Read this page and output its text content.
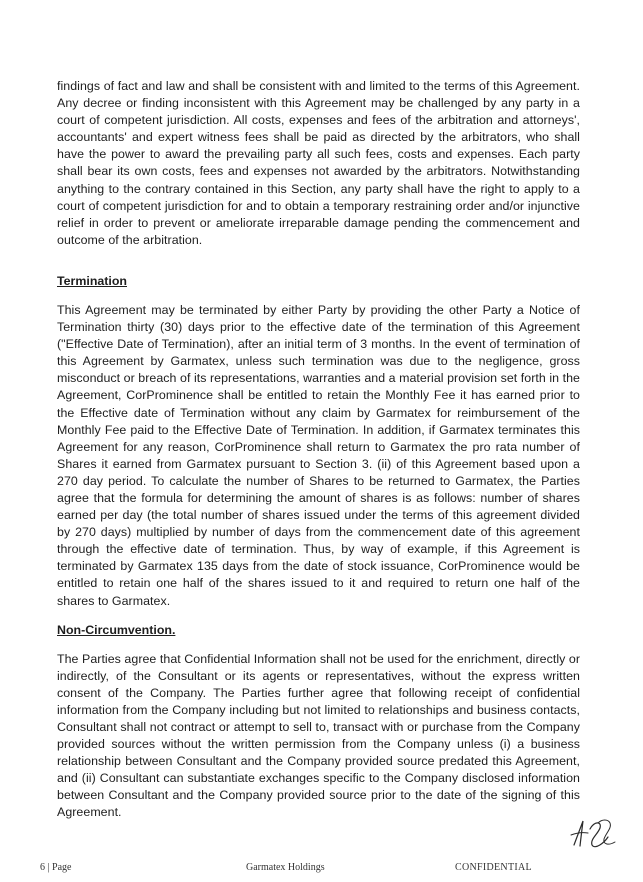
findings of fact and law and shall be consistent with and limited to the terms of this Agreement. Any decree or finding inconsistent with this Agreement may be challenged by any party in a court of competent jurisdiction. All costs, expenses and fees of the arbitration and attorneys', accountants' and expert witness fees shall be paid as directed by the arbitrators, who shall have the power to award the prevailing party all such fees, costs and expenses. Each party shall bear its own costs, fees and expenses not awarded by the arbitrators. Notwithstanding anything to the contrary contained in this Section, any party shall have the right to apply to a court of competent jurisdiction for and to obtain a temporary restraining order and/or injunctive relief in order to prevent or ameliorate irreparable damage pending the commencement and outcome of the arbitration.

Termination

This Agreement may be terminated by either Party by providing the other Party a Notice of Termination thirty (30) days prior to the effective date of the termination of this Agreement ("Effective Date of Termination), after an initial term of 3 months. In the event of termination of this Agreement by Garmatex, unless such termination was due to the negligence, gross misconduct or breach of its representations, warranties and a material provision set forth in the Agreement, CorProminence shall be entitled to retain the Monthly Fee it has earned prior to the Effective date of Termination without any claim by Garmatex for reimbursement of the Monthly Fee paid to the Effective Date of Termination. In addition, if Garmatex terminates this Agreement for any reason, CorProminence shall return to Garmatex the pro rata number of Shares it earned from Garmatex pursuant to Section 3. (ii) of this Agreement based upon a 270 day period. To calculate the number of Shares to be returned to Garmatex, the Parties agree that the formula for determining the amount of shares is as follows: number of shares earned per day (the total number of shares issued under the terms of this agreement divided by 270 days) multiplied by number of days from the commencement date of this agreement through the effective date of termination. Thus, by way of example, if this Agreement is terminated by Garmatex 135 days from the date of stock issuance, CorProminence would be entitled to retain one half of the shares issued to it and required to return one half of the shares to Garmatex.

Non-Circumvention.

The Parties agree that Confidential Information shall not be used for the enrichment, directly or indirectly, of the Consultant or its agents or representatives, without the express written consent of the Company. The Parties further agree that following receipt of confidential information from the Company including but not limited to relationships and business contacts, Consultant shall not contract or attempt to sell to, transact with or purchase from the Company provided sources without the written permission from the Company unless (i) a business relationship between Consultant and the Company provided source predated this Agreement, and (ii) Consultant can substantiate exchanges specific to the Company disclosed information between Consultant and the Company provided source prior to the date of the signing of this Agreement.

6 | Page	Garmatex Holdings	CONFIDENTIAL
